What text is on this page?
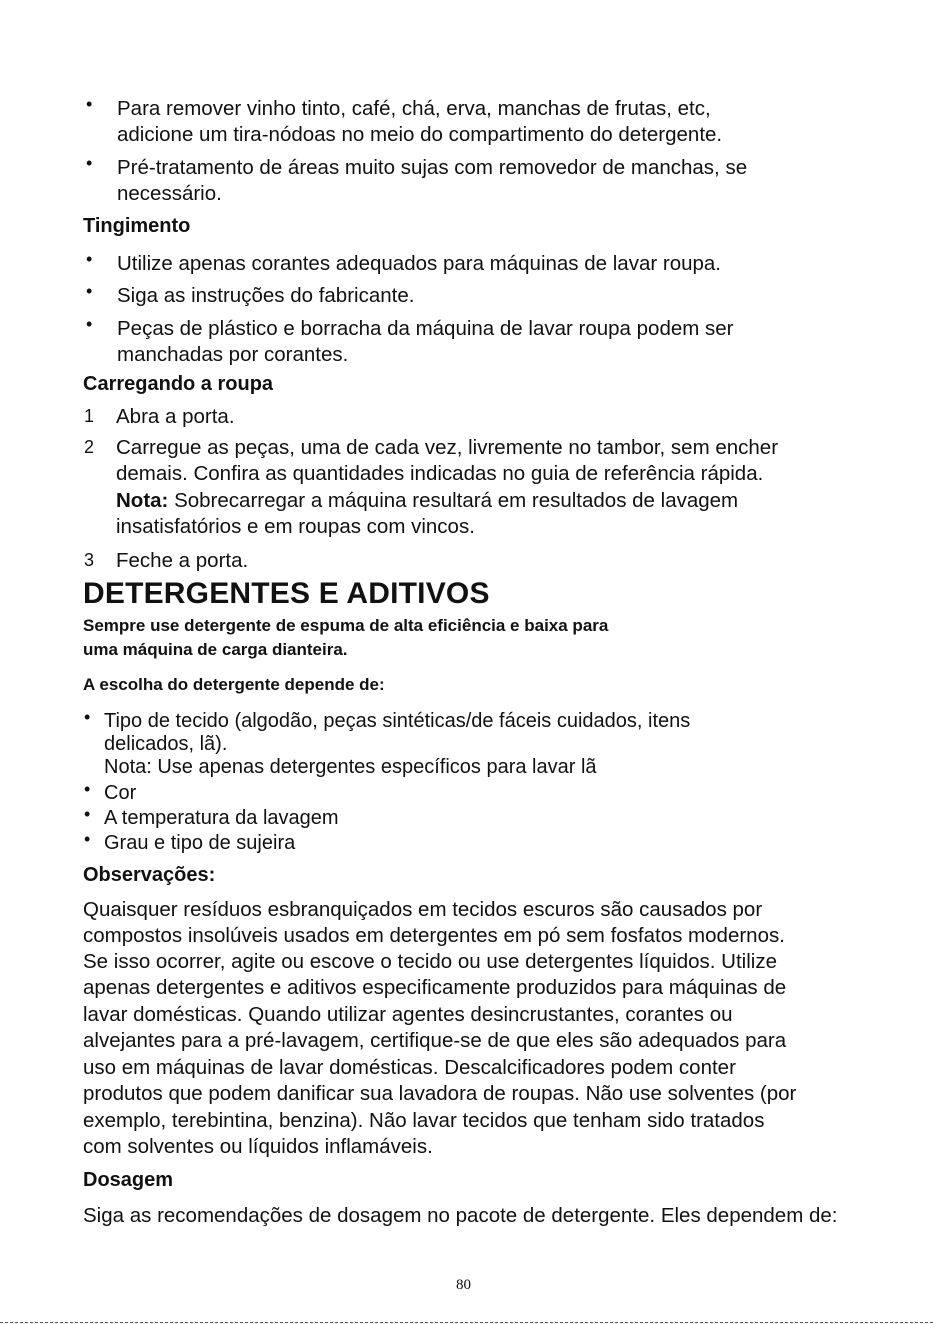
• Para remover vinho tinto, café, chá, erva, manchas de frutas, etc,
adicione um tira-nódoas no meio do compartimento do detergente.
• Pré-tratamento de áreas muito sujas com removedor de manchas, se
necessário.
Tingimento
• Utilize apenas corantes adequados para máquinas de lavar roupa.
• Siga as instruções do fabricante.
• Peças de plástico e borracha da máquina de lavar roupa podem ser
manchadas por corantes.
Carregando a roupa
1 Abra a porta.
2 Carregue as peças, uma de cada vez, livremente no tambor, sem encher
demais. Confira as quantidades indicadas no guia de referência rápida.
Nota: Sobrecarregar a máquina resultará em resultados de lavagem
insatisfatórios e em roupas com vincos.
3 Feche a porta.
DETERGENTES E ADITIVOS
Sempre use detergente de espuma de alta eficiência e baixa para
uma máquina de carga dianteira.
A escolha do detergente depende de:
• Tipo de tecido (algodão, peças sintéticas/de fáceis cuidados, itens
delicados, lã).
Nota: Use apenas detergentes específicos para lavar lã
• Cor
• A temperatura da lavagem
• Grau e tipo de sujeira
Observações:
Quaisquer resíduos esbranquiçados em tecidos escuros são causados por
compostos insolúveis usados em detergentes em pó sem fosfatos modernos.
Se isso ocorrer, agite ou escove o tecido ou use detergentes líquidos. Utilize
apenas detergentes e aditivos especificamente produzidos para máquinas de
lavar domésticas. Quando utilizar agentes desincrustantes, corantes ou
alvejantes para a pré-lavagem, certifique-se de que eles são adequados para
uso em máquinas de lavar domésticas. Descalcificadores podem conter
produtos que podem danificar sua lavadora de roupas. Não use solventes (por
exemplo, terebintina, benzina). Não lavar tecidos que tenham sido tratados
com solventes ou líquidos inflamáveis.
Dosagem
Siga as recomendações de dosagem no pacote de detergente. Eles dependem de:
80
